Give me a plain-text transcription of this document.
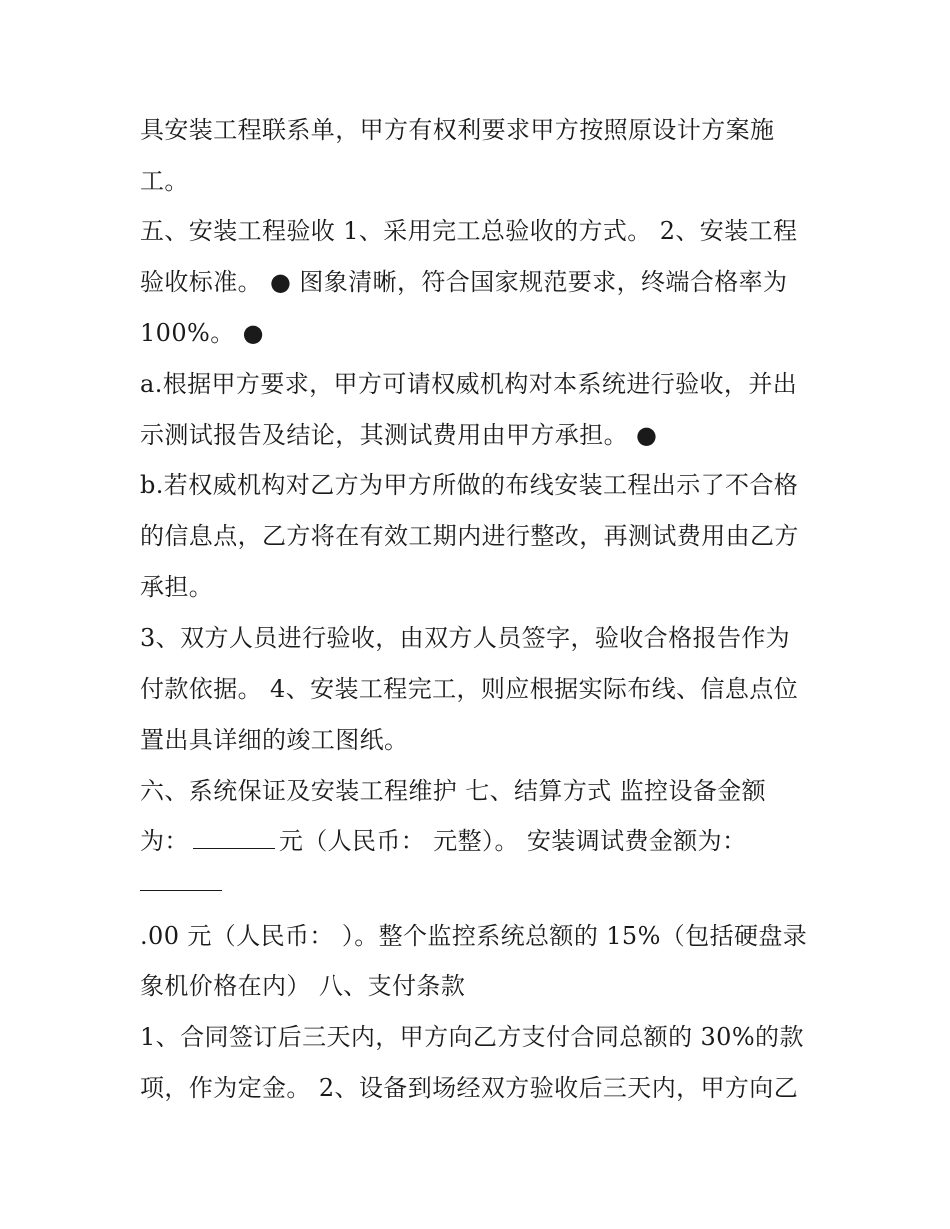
具安装工程联系单，甲方有权利要求甲方按照原设计方案施
工。
五、安装工程验收 1、采用完工总验收的方式。 2、安装工程
验收标准。 ● 图象清晰，符合国家规范要求，终端合格率为
100%。 ●
a.根据甲方要求，甲方可请权威机构对本系统进行验收，并出
示测试报告及结论，其测试费用由甲方承担。 ●
b.若权威机构对乙方为甲方所做的布线安装工程出示了不合格
的信息点，乙方将在有效工期内进行整改，再测试费用由乙方
承担。
3、双方人员进行验收，由双方人员签字，验收合格报告作为
付款依据。 4、安装工程完工，则应根据实际布线、信息点位
置出具详细的竣工图纸。
六、系统保证及安装工程维护 七、结算方式 监控设备金额
为：	元（人民币： 元整）。 安装调试费金额为：
.00 元（人民币： ）。整个监控系统总额的 15%（包括硬盘录
象机价格在内） 八、支付条款
1、合同签订后三天内，甲方向乙方支付合同总额的 30%的款
项，作为定金。 2、设备到场经双方验收后三天内，甲方向乙
